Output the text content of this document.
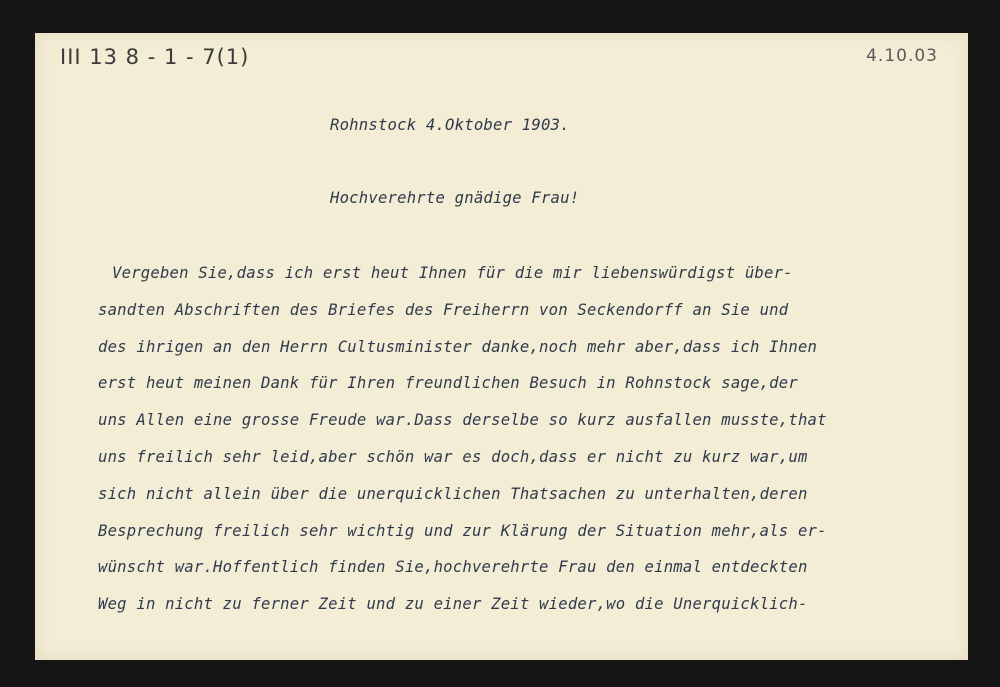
III 13 8 - 1 - 7(1)	4.10.03
Rohnstock 4.Oktober 1903.
Hochverehrte gnädige Frau!
Vergeben Sie,dass ich erst heut Ihnen für die mir liebenswürdigst über-
sandten Abschriften des Briefes des Freiherrn von Seckendorff an Sie und
des ihrigen an den Herrn Cultusminister danke,noch mehr aber,dass ich Ihnen
erst heut meinen Dank für Ihren freundlichen Besuch in Rohnstock sage,der
uns Allen eine grosse Freude war.Dass derselbe so kurz ausfallen musste,that
uns freilich sehr leid,aber schön war es doch,dass er nicht zu kurz war,um
sich nicht allein über die unerquicklichen Thatsachen zu unterhalten,deren
Besprechung freilich sehr wichtig und zur Klärung der Situation mehr,als er-
wünscht war.Hoffentlich finden Sie,hochverehrte Frau den einmal entdeckten
Weg in nicht zu ferner Zeit und zu einer Zeit wieder,wo die Unerquicklich-
